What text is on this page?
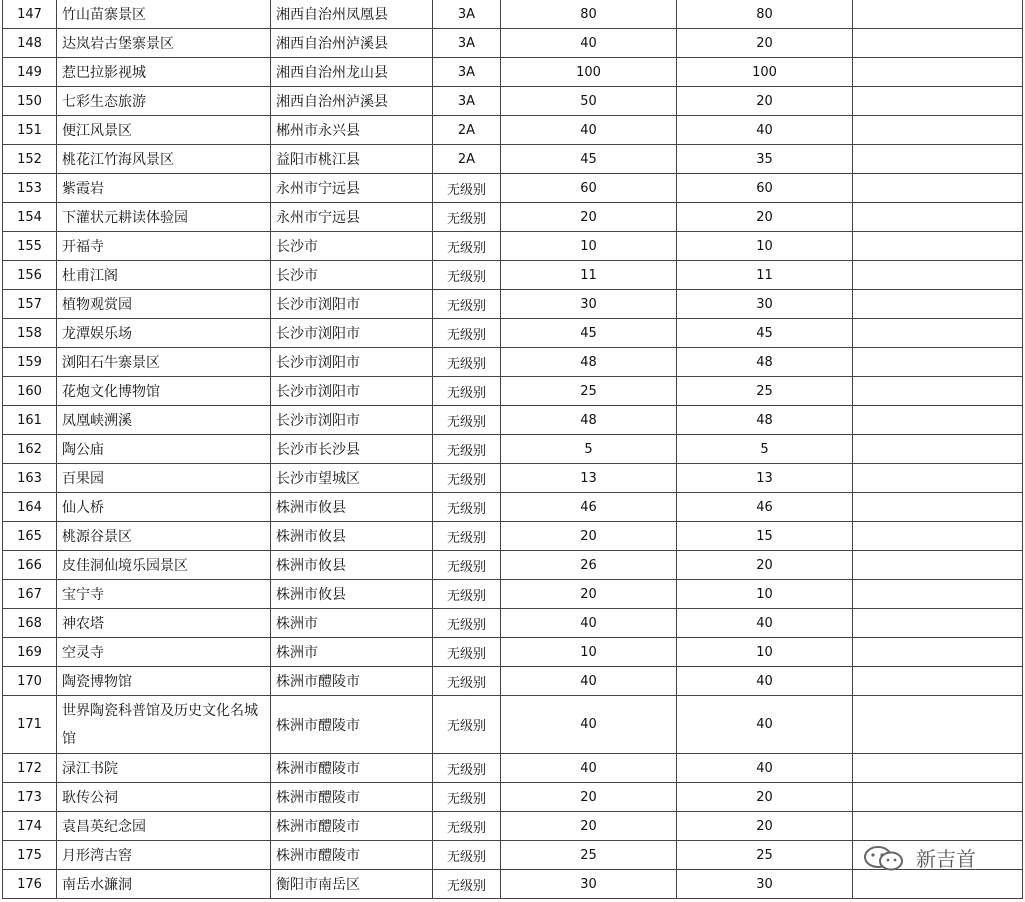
147	竹山苗寨景区	湘西自治州凤凰县	3A	80	80	
148	达岚岩古堡寨景区	湘西自治州泸溪县	3A	40	20	
149	惹巴拉影视城	湘西自治州龙山县	3A	100	100	
150	七彩生态旅游	湘西自治州泸溪县	3A	50	20	
151	便江风景区	郴州市永兴县	2A	40	40	
152	桃花江竹海风景区	益阳市桃江县	2A	45	35	
153	紫霞岩	永州市宁远县	无级别	60	60	
154	下灌状元耕读体验园	永州市宁远县	无级别	20	20	
155	开福寺	长沙市	无级别	10	10	
156	杜甫江阁	长沙市	无级别	11	11	
157	植物观赏园	长沙市浏阳市	无级别	30	30	
158	龙潭娱乐场	长沙市浏阳市	无级别	45	45	
159	浏阳石牛寨景区	长沙市浏阳市	无级别	48	48	
160	花炮文化博物馆	长沙市浏阳市	无级别	25	25	
161	凤凰峡溯溪	长沙市浏阳市	无级别	48	48	
162	陶公庙	长沙市长沙县	无级别	5	5	
163	百果园	长沙市望城区	无级别	13	13	
164	仙人桥	株洲市攸县	无级别	46	46	
165	桃源谷景区	株洲市攸县	无级别	20	15	
166	皮佳洞仙境乐园景区	株洲市攸县	无级别	26	20	
167	宝宁寺	株洲市攸县	无级别	20	10	
168	神农塔	株洲市	无级别	40	40	
169	空灵寺	株洲市	无级别	10	10	
170	陶瓷博物馆	株洲市醴陵市	无级别	40	40	
171	世界陶瓷科普馆及历史文化名城馆	株洲市醴陵市	无级别	40	40	
172	渌江书院	株洲市醴陵市	无级别	40	40	
173	耿传公祠	株洲市醴陵市	无级别	20	20	
174	袁昌英纪念园	株洲市醴陵市	无级别	20	20	
175	月形湾古窖	株洲市醴陵市	无级别	25	25	
176	南岳水濂洞	衡阳市南岳区	无级别	30	30	
新吉首
